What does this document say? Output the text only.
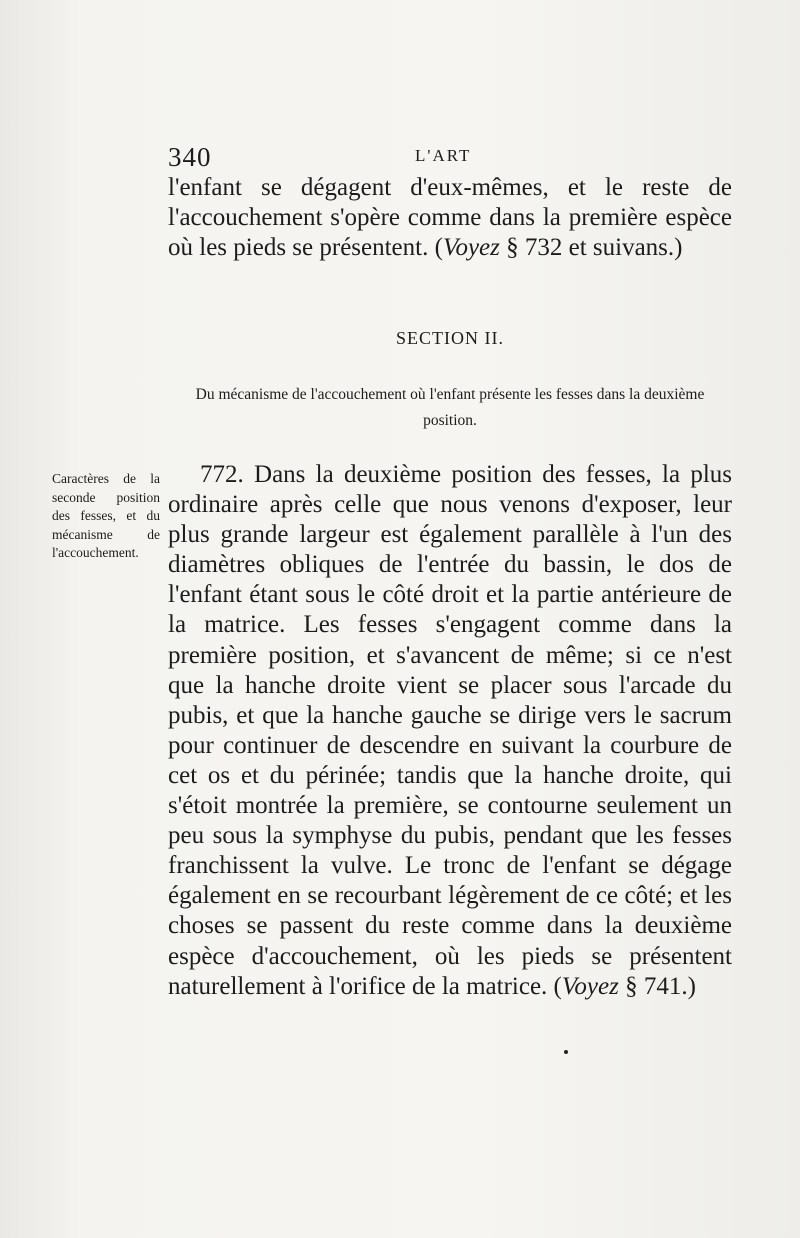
340	L'ART
l'enfant se dégagent d'eux-mêmes, et le reste de l'accouchement s'opère comme dans la première espèce où les pieds se présentent. (Voyez § 732 et suivans.)
SECTION II.
Du mécanisme de l'accouchement où l'enfant présente les fesses dans la deuxième position.
Caractères de la seconde position des fesses, et du mécanisme de l'accouchement.
772. Dans la deuxième position des fesses, la plus ordinaire après celle que nous venons d'exposer, leur plus grande largeur est également parallèle à l'un des diamètres obliques de l'entrée du bassin, le dos de l'enfant étant sous le côté droit et la partie antérieure de la matrice. Les fesses s'engagent comme dans la première position, et s'avancent de même; si ce n'est que la hanche droite vient se placer sous l'arcade du pubis, et que la hanche gauche se dirige vers le sacrum pour continuer de descendre en suivant la courbure de cet os et du périnée; tandis que la hanche droite, qui s'étoit montrée la première, se contourne seulement un peu sous la symphyse du pubis, pendant que les fesses franchissent la vulve. Le tronc de l'enfant se dégage également en se recourbant légèrement de ce côté; et les choses se passent du reste comme dans la deuxième espèce d'accouchement, où les pieds se présentent naturellement à l'orifice de la matrice. (Voyez § 741.)
